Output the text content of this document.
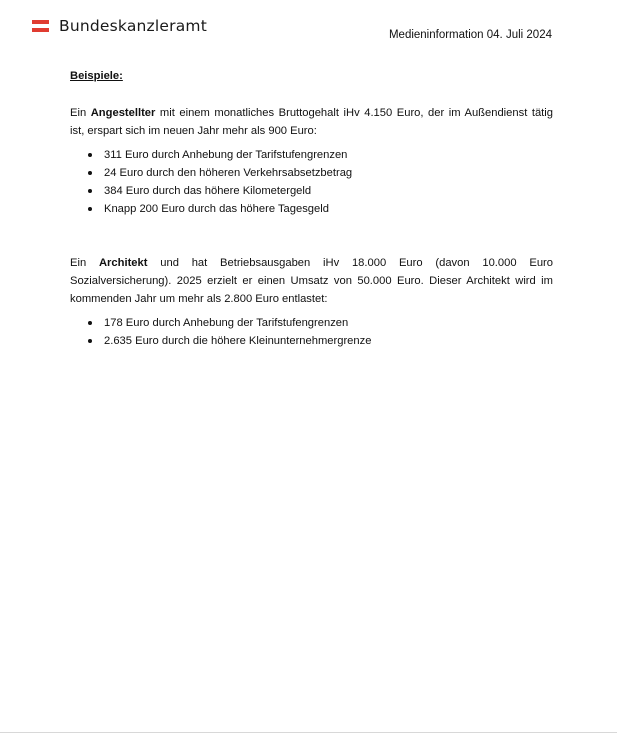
Bundeskanzleramt	Medieninformation 04. Juli 2024

Beispiele:

Ein Angestellter mit einem monatliches Bruttogehalt iHv 4.150 Euro, der im Außendienst tätig ist, erspart sich im neuen Jahr mehr als 900 Euro:

311 Euro durch Anhebung der Tarifstufengrenzen
24 Euro durch den höheren Verkehrsabsetzbetrag
384 Euro durch das höhere Kilometergeld
Knapp 200 Euro durch das höhere Tagesgeld

Ein Architekt und hat Betriebsausgaben iHv 18.000 Euro (davon 10.000 Euro Sozialversicherung). 2025 erzielt er einen Umsatz von 50.000 Euro. Dieser Architekt wird im kommenden Jahr um mehr als 2.800 Euro entlastet:

178 Euro durch Anhebung der Tarifstufengrenzen
2.635 Euro durch die höhere Kleinunternehmergrenze
